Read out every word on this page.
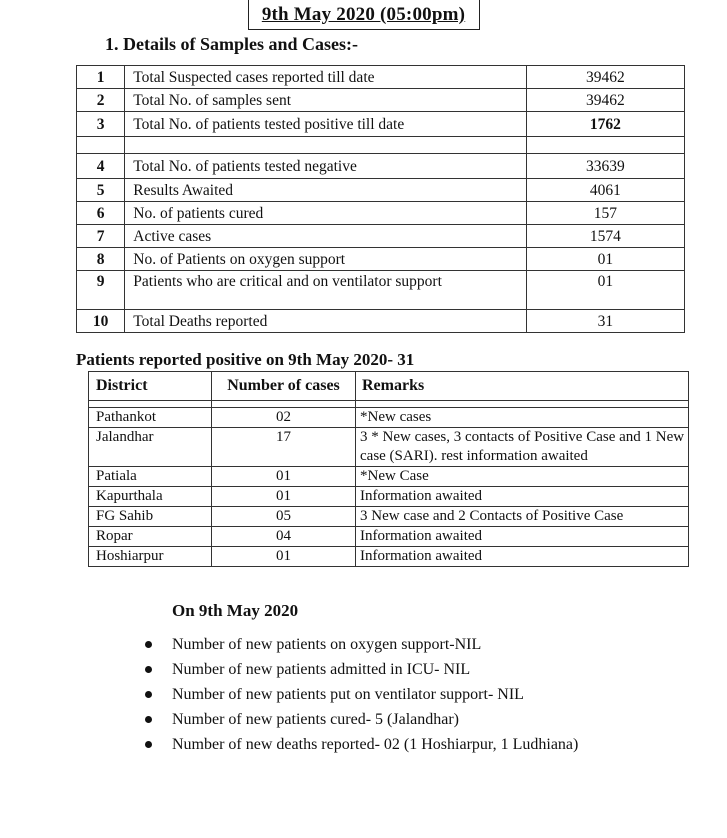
9th May 2020 (05:00pm)
1. Details of Samples and Cases:-
1	Total Suspected cases reported till date	39462
2	Total No. of samples sent	39462
3	Total No. of patients tested positive till date	1762

4	Total No. of patients tested negative	33639
5	Results Awaited	4061
6	No. of patients cured	157
7	Active cases	1574
8	No. of Patients on oxygen support	01
9	Patients who are critical and on ventilator support	01
10	Total Deaths reported	31
Patients reported positive on 9th May 2020- 31
District	Number of cases	Remarks

Pathankot	02	*New cases
Jalandhar	17	3 * New cases, 3 contacts of Positive Case and 1 New case (SARI). rest information awaited
Patiala	01	*New Case
Kapurthala	01	Information awaited
FG Sahib	05	3 New case and 2 Contacts of Positive Case
Ropar	04	Information awaited
Hoshiarpur	01	Information awaited
On 9th May 2020
Number of new patients on oxygen support-NIL
Number of new patients admitted in ICU- NIL
Number of new patients put on ventilator support- NIL
Number of new patients cured- 5 (Jalandhar)
Number of new deaths reported- 02 (1 Hoshiarpur, 1 Ludhiana)
